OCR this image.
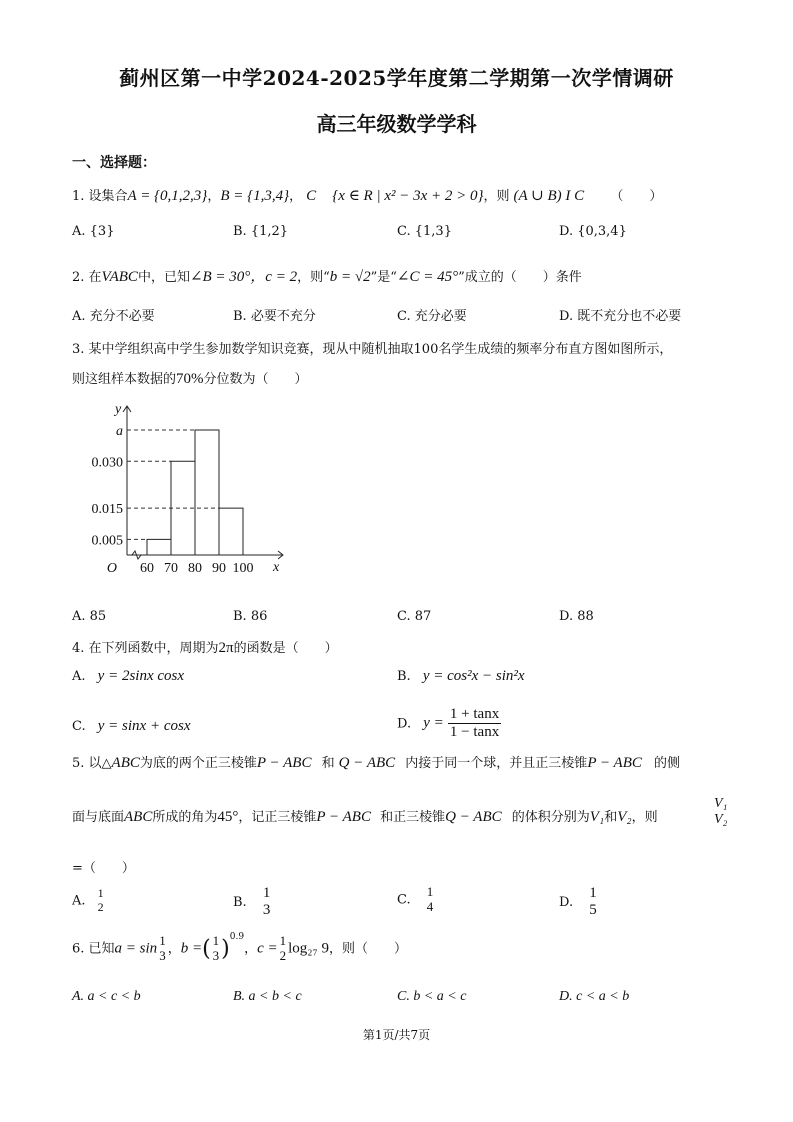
蓟州区第一中学2024-2025学年度第二学期第一次学情调研
高三年级数学学科
一、选择题：
1. 设集合A = {0,1,2,3}，B = {1,3,4}， C {x ∈ R | x² − 3x + 2 > 0}，则 (A ∪ B) I C （　　）
A. {3}	B. {1,2}	C. {1,3}	D. {0,3,4}
2. 在VABC中，已知∠B = 30°，c = 2，则“b = √2”是“∠C = 45°”成立的（　　）条件
A. 充分不必要	B. 必要不充分	C. 充分必要	D. 既不充分也不必要
3. 某中学组织高中学生参加数学知识竞赛，现从中随机抽取100名学生成绩的频率分布直方图如图所示，
则这组样本数据的70%分位数为（　　）
0.005
0.015
0.030
a
60 70 80 90 100
O	x
y
A. 85	B. 86	C. 87	D. 88
4. 在下列函数中，周期为2π的函数是（　　）
A. y = 2sinx cosx	B. y = cos²x − sin²x
C. y = sinx + cosx	D. $y = \frac{1 + \tan x}{1 - \tan x}$
5. 以△ABC为底的两个正三棱锥P − ABC 和 Q − ABC 内接于同一个球，并且正三棱锥P − ABC 的侧
面与底面ABC所成的角为45°，记正三棱锥P − ABC 和正三棱锥Q − ABC 的体积分别为V₁和V₂，则
V₁
V₂
=（　　）
A.
1
2	B.
1
3
C.
1
4	D.
1
5
6. 已知a = sin 1
3 ，b =( 1
3 )$^{0.9}$，c = 1
2 log₂₇ 9，则（　　）
A. a < c < b	B. a < b < c	C. b < a < c	D. c < a < b
第1页/共7页
